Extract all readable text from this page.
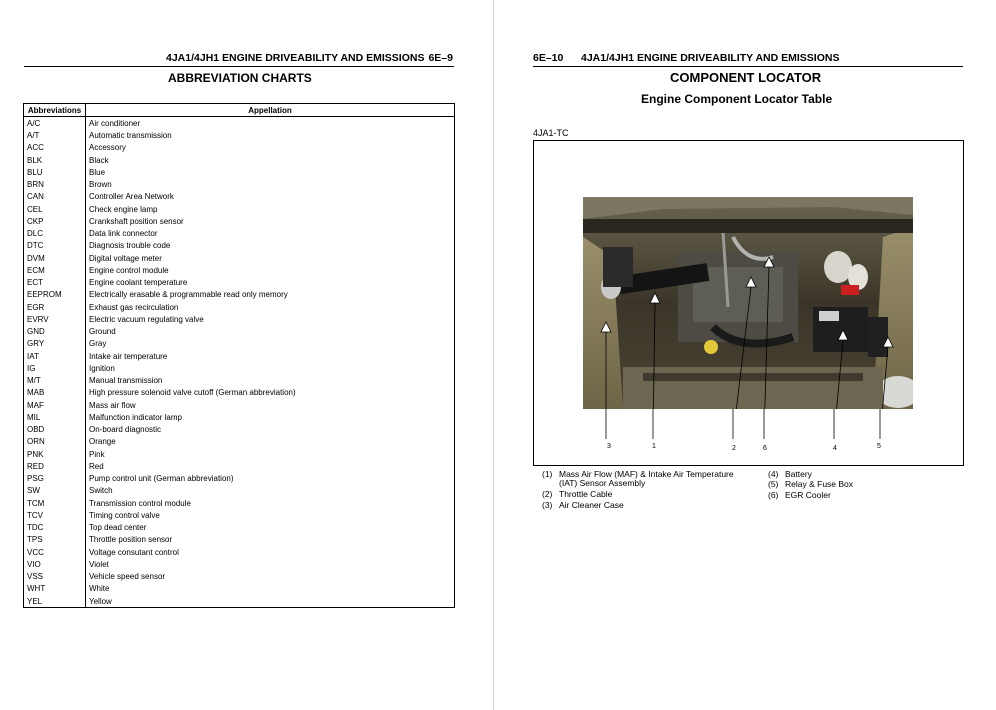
4JA1/4JH1 ENGINE DRIVEABILITY AND EMISSIONS 6E–9
ABBREVIATION CHARTS
Abbreviations	Appellation
A/C	Air conditioner
A/T	Automatic transmission
ACC	Accessory
BLK	Black
BLU	Blue
BRN	Brown
CAN	Controller Area Network
CEL	Check engine lamp
CKP	Crankshaft position sensor
DLC	Data link connector
DTC	Diagnosis trouble code
DVM	Digital voltage meter
ECM	Engine control module
ECT	Engine coolant temperature
EEPROM	Electrically erasable & programmable read only memory
EGR	Exhaust gas recirculation
EVRV	Electric vacuum regulating valve
GND	Ground
GRY	Gray
IAT	Intake air temperature
IG	Ignition
M/T	Manual transmission
MAB	High pressure solenoid valve cutoff (German abbreviation)
MAF	Mass air flow
MIL	Malfunction indicator lamp
OBD	On-board diagnostic
ORN	Orange
PNK	Pink
RED	Red
PSG	Pump control unit (German abbreviation)
SW	Switch
TCM	Transmission control module
TCV	Timing control valve
TDC	Top dead center
TPS	Throttle position sensor
VCC	Voltage consutant control
VIO	Violet
VSS	Vehicle speed sensor
WHT	White
YEL	Yellow
6E–10 4JA1/4JH1 ENGINE DRIVEABILITY AND EMISSIONS
COMPONENT LOCATOR
Engine Component Locator Table
4JA1-TC
3	1	2	6	4	5
(1) Mass Air Flow (MAF) & Intake Air Temperature
(IAT) Sensor Assembly
(2) Throttle Cable
(3) Air Cleaner Case
(4) Battery
(5) Relay & Fuse Box
(6) EGR Cooler
